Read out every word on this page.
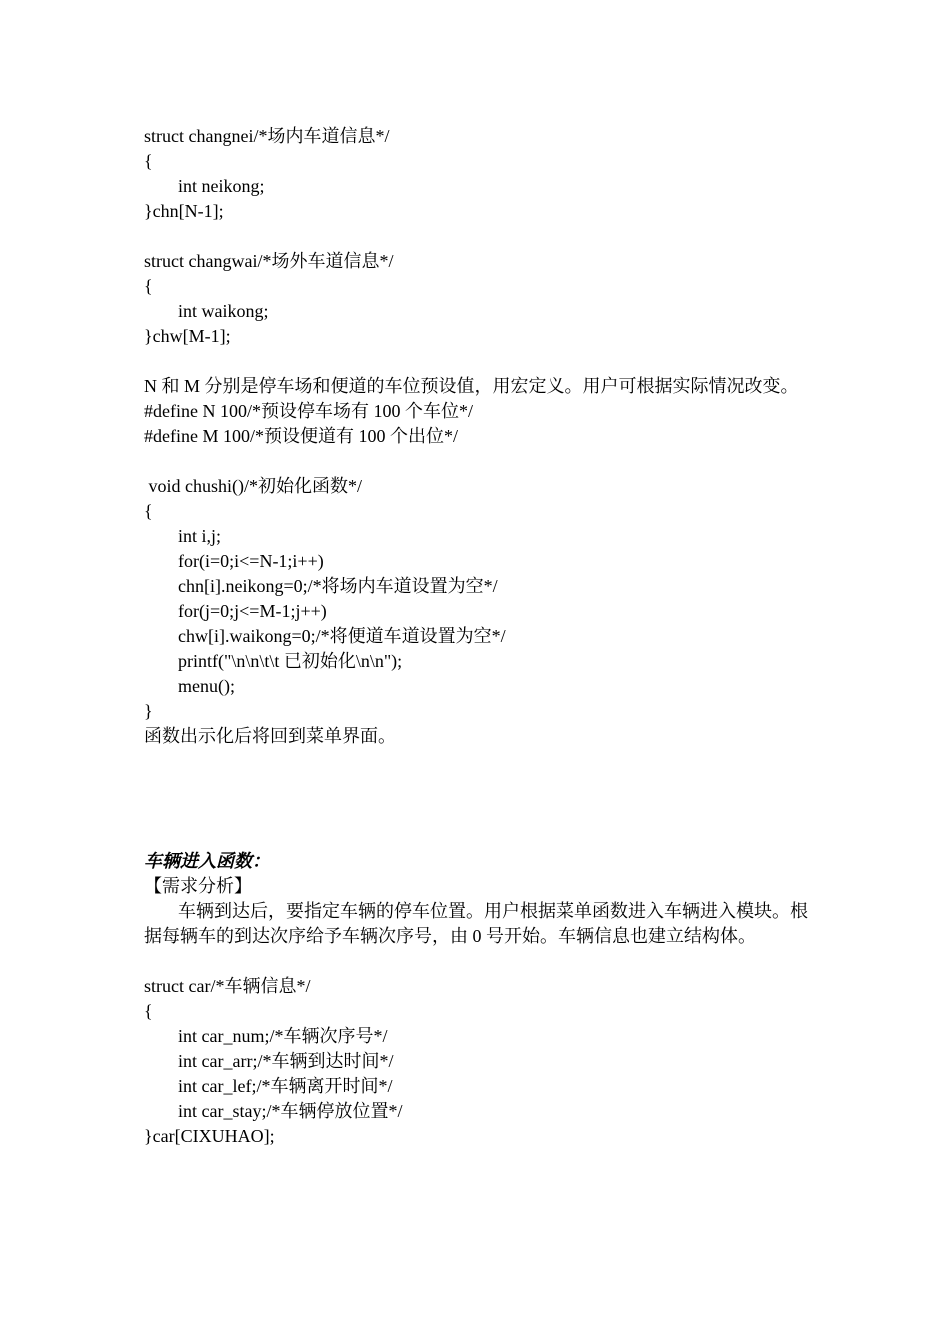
struct changnei/*场内车道信息*/
{
int neikong;
}chn[N-1];
struct changwai/*场外车道信息*/
{
int waikong;
}chw[M-1];
N 和 M 分别是停车场和便道的车位预设值，用宏定义。用户可根据实际情况改变。
#define N 100/*预设停车场有 100 个车位*/
#define M 100/*预设便道有 100 个出位*/
void chushi()/*初始化函数*/
{
int i,j;
for(i=0;i<=N-1;i++)
chn[i].neikong=0;/*将场内车道设置为空*/
for(j=0;j<=M-1;j++)
chw[i].waikong=0;/*将便道车道设置为空*/
printf("\n\n\t\t 已初始化\n\n");
menu();
}
函数出示化后将回到菜单界面。
车辆进入函数：
【需求分析】
车辆到达后，要指定车辆的停车位置。用户根据菜单函数进入车辆进入模块。根据每辆车的到达次序给予车辆次序号，由 0 号开始。车辆信息也建立结构体。
struct car/*车辆信息*/
{
int car_num;/*车辆次序号*/
int car_arr;/*车辆到达时间*/
int car_lef;/*车辆离开时间*/
int car_stay;/*车辆停放位置*/
}car[CIXUHAO];
